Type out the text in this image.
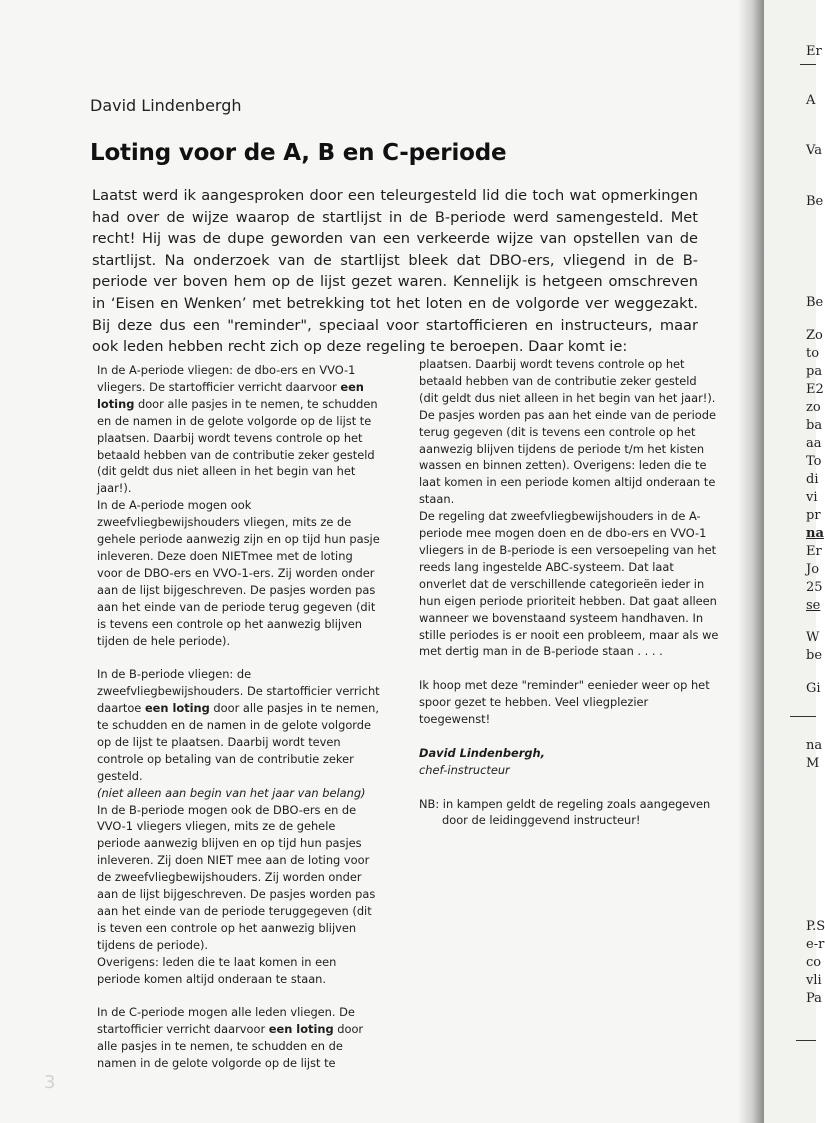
David Lindenbergh
Loting voor de A, B en C-periode

Laatst werd ik aangesproken door een teleurgesteld lid die toch wat opmerkingen had over de wijze waarop de startlijst in de B-periode werd samengesteld. Met recht! Hij was de dupe geworden van een verkeerde wijze van opstellen van de startlijst. Na onderzoek van de startlijst bleek dat DBO-ers, vliegend in de B-periode ver boven hem op de lijst gezet waren. Kennelijk is hetgeen omschreven in ‘Eisen en Wenken’ met betrekking tot het loten en de volgorde ver weggezakt. Bij deze dus een "reminder", speciaal voor startofficieren en instructeurs, maar ook leden hebben recht zich op deze regeling te beroepen. Daar komt ie:

In de A-periode vliegen: de dbo-ers en VVO-1 vliegers. De startofficier verricht daarvoor een loting door alle pasjes in te nemen, te schudden en de namen in de gelote volgorde op de lijst te plaatsen. Daarbij wordt tevens controle op het betaald hebben van de contributie zeker gesteld (dit geldt dus niet alleen in het begin van het jaar!).

In de A-periode mogen ook zweefvliegbewijshouders vliegen, mits ze de gehele periode aanwezig zijn en op tijd hun pasje inleveren. Deze doen NIETmee met de loting voor de DBO-ers en VVO-1-ers. Zij worden onder aan de lijst bijgeschreven. De pasjes worden pas aan het einde van de periode terug gegeven (dit is tevens een controle op het aanwezig blijven tijden de hele periode).

In de B-periode vliegen: de zweefvliegbewijshouders. De startofficier verricht daartoe een loting door alle pasjes in te nemen, te schudden en de namen in de gelote volgorde op de lijst te plaatsen. Daarbij wordt teven controle op betaling van de contributie zeker gesteld.
(niet alleen aan begin van het jaar van belang)

In de B-periode mogen ook de DBO-ers en de VVO-1 vliegers vliegen, mits ze de gehele periode aanwezig blijven en op tijd hun pasjes inleveren. Zij doen NIET mee aan de loting voor de zweefvliegbewijshouders. Zij worden onder aan de lijst bijgeschreven. De pasjes worden pas aan het einde van de periode teruggegeven (dit is teven een controle op het aanwezig blijven tijdens de periode).

Overigens: leden die te laat komen in een periode komen altijd onderaan te staan.

In de C-periode mogen alle leden vliegen. De startofficier verricht daarvoor een loting door alle pasjes in te nemen, te schudden en de namen in de gelote volgorde op de lijst te

plaatsen. Daarbij wordt tevens controle op het betaald hebben van de contributie zeker gesteld (dit geldt dus niet alleen in het begin van het jaar!). De pasjes worden pas aan het einde van de periode terug gegeven (dit is tevens een controle op het aanwezig blijven tijdens de periode t/m het kisten wassen en binnen zetten). Overigens: leden die te laat komen in een periode komen altijd onderaan te staan.

De regeling dat zweefvliegbewijshouders in de A-periode mee mogen doen en de dbo-ers en VVO-1 vliegers in de B-periode is een versoepeling van het reeds lang ingestelde ABC-systeem. Dat laat onverlet dat de verschillende categorieën ieder in hun eigen periode prioriteit hebben. Dat gaat alleen wanneer we bovenstaand systeem handhaven. In stille periodes is er nooit een probleem, maar als we met dertig man in de B-periode staan . . . .

Ik hoop met deze "reminder" eenieder weer op het spoor gezet te hebben. Veel vliegplezier toegewenst!

David Lindenbergh,
chef-instructeur

NB: in kampen geldt de regeling zoals aangegeven door de leidinggevend instructeur!

3
Er
A
Va
Be
Be
Zo
to
pa
E2
zo
ba
aa
To
di
vi
pr
na
Er
Jo
25
se
W
be
Gi
na
M
P.S
e-r
co
vli
Pa
